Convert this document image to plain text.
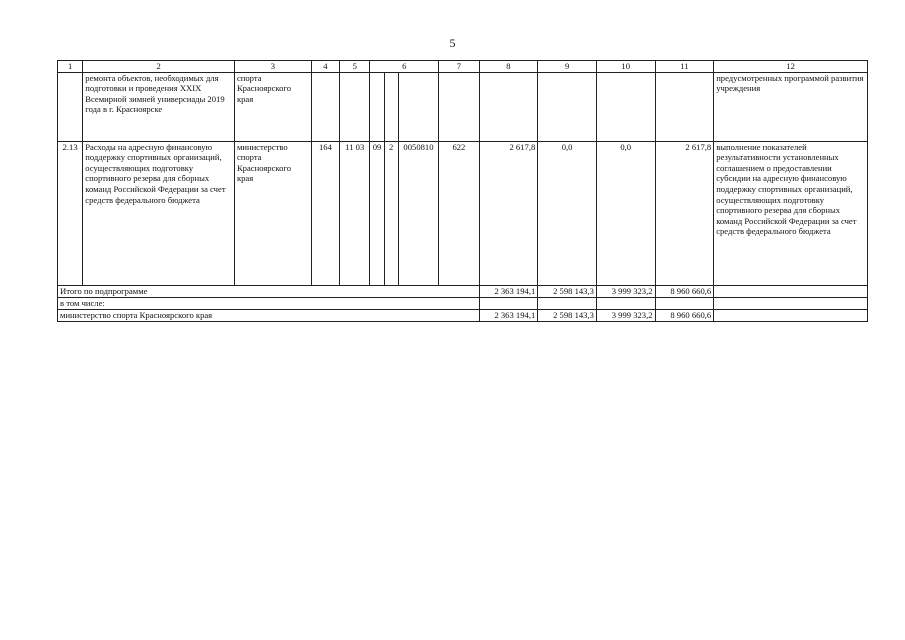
5
1	2	3	4	5	6			7	8	9	10	11	12
	ремонта объектов, необходимых для подготовки и проведения XXIX Всемирной зимней универсиады 2019 года в г. Красноярске	спорта Красноярского края											предусмотренных программой развития учреждения
2.13	Расходы на адресную финансовую поддержку спортивных организаций, осуществляющих подготовку спортивного резерва для сборных команд Российской Федерации за счет средств федерального бюджета	министерство спорта Красноярского края	164	11 03	09	2	0050810	622	2 617,8	0,0	0,0	2 617,8	выполнение показателей результативности установленных соглашением о предоставлении субсидии на адресную финансовую поддержку спортивных организаций, осуществляющих подготовку спортивного резерва для сборных команд Российской Федерации за счет средств федерального бюджета
Итого по подпрограмме									2 363 194,1	2 598 143,3	3 999 323,2	8 960 660,6	
в том числе:													
министерство спорта Красноярского края									2 363 194,1	2 598 143,3	3 999 323,2	8 960 660,6	
